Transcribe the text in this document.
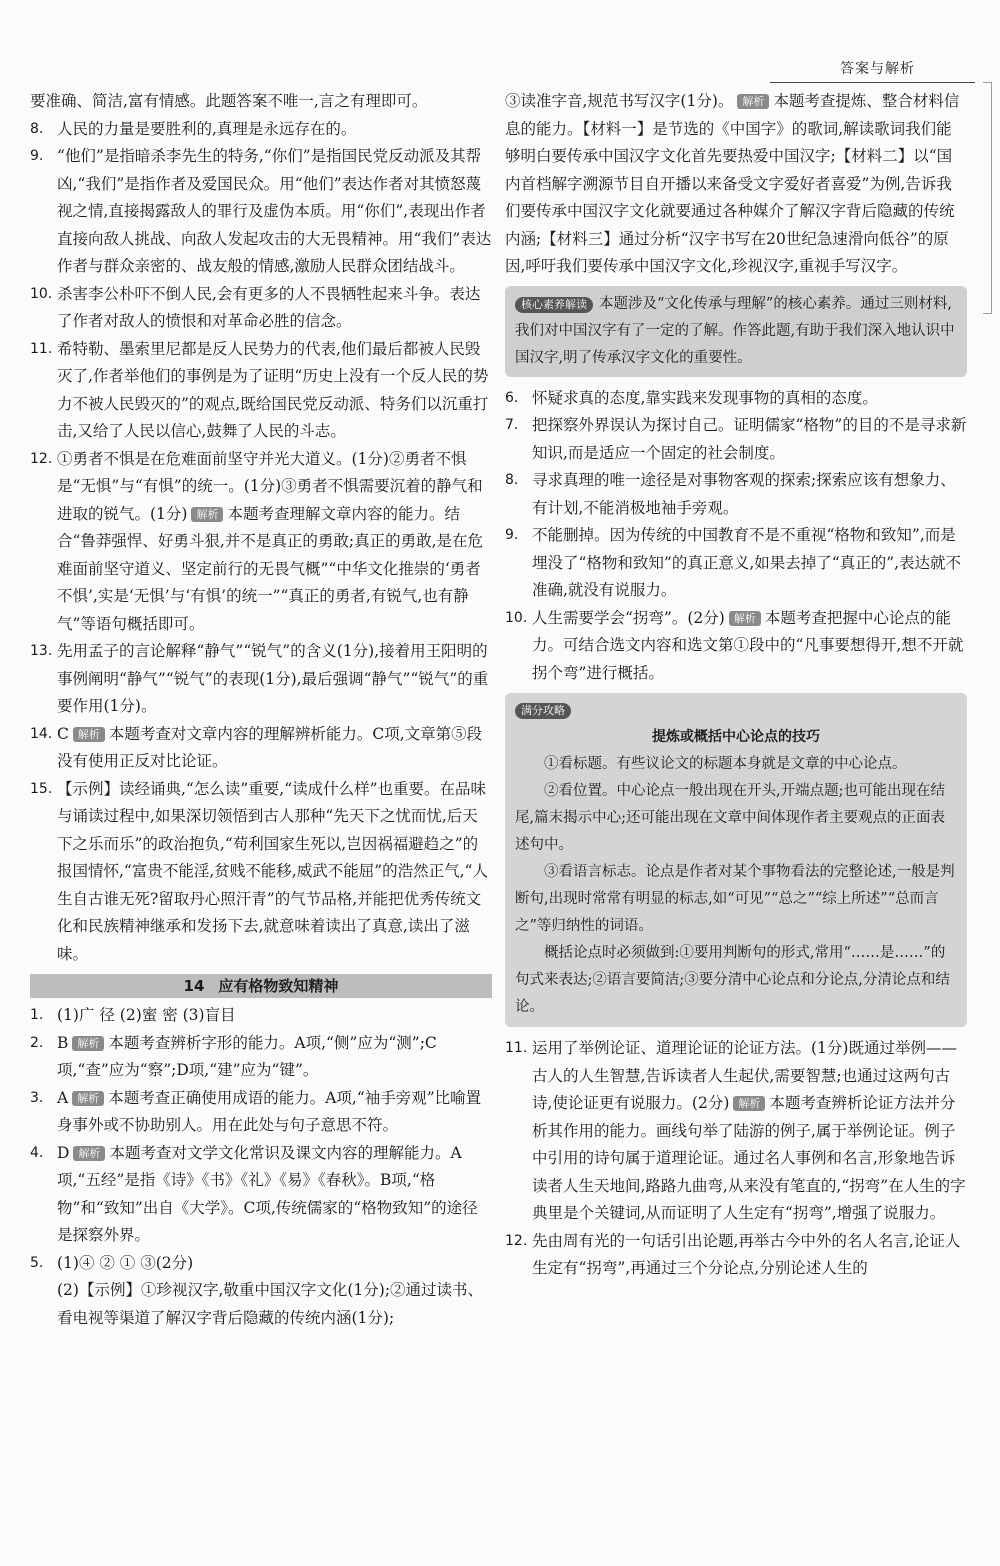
答案与解析
要准确、简洁,富有情感。此题答案不唯一,言之有理即可。
8. 人民的力量是要胜利的,真理是永远存在的。
9. “他们”是指暗杀李先生的特务,“你们”是指国民党反动派及其帮凶,“我们”是指作者及爱国民众。用“他们”表达作者对其愤怒蔑视之情,直接揭露敌人的罪行及虚伪本质。用“你们”,表现出作者直接向敌人挑战、向敌人发起攻击的大无畏精神。用“我们”表达作者与群众亲密的、战友般的情感,激励人民群众团结战斗。
10. 杀害李公朴吓不倒人民,会有更多的人不畏牺牲起来斗争。表达了作者对敌人的愤恨和对革命必胜的信念。
11. 希特勒、墨索里尼都是反人民势力的代表,他们最后都被人民毁灭了,作者举他们的事例是为了证明“历史上没有一个反人民的势力不被人民毁灭的”的观点,既给国民党反动派、特务们以沉重打击,又给了人民以信心,鼓舞了人民的斗志。
12. ①勇者不惧是在危难面前坚守并光大道义。(1分)②勇者不惧是“无惧”与“有惧”的统一。(1分)③勇者不惧需要沉着的静气和进取的锐气。(1分) 解析 本题考查理解文章内容的能力。结合“鲁莽强悍、好勇斗狠,并不是真正的勇敢;真正的勇敢,是在危难面前坚守道义、坚定前行的无畏气概”“中华文化推崇的‘勇者不惧’,实是‘无惧’与‘有惧’的统一”“真正的勇者,有锐气,也有静气”等语句概括即可。
13. 先用孟子的言论解释“静气”“锐气”的含义(1分),接着用王阳明的事例阐明“静气”“锐气”的表现(1分),最后强调“静气”“锐气”的重要作用(1分)。
14. C 解析 本题考查对文章内容的理解辨析能力。C项,文章第⑤段没有使用正反对比论证。
15. 【示例】读经诵典,“怎么读”重要,“读成什么样”也重要。在品味与诵读过程中,如果深切领悟到古人那种“先天下之忧而忧,后天下之乐而乐”的政治抱负,“苟利国家生死以,岂因祸福避趋之”的报国情怀,“富贵不能淫,贫贱不能移,威武不能屈”的浩然正气,“人生自古谁无死?留取丹心照汗青”的气节品格,并能把优秀传统文化和民族精神继承和发扬下去,就意味着读出了真意,读出了滋味。
14 应有格物致知精神
1. (1)广 径 (2)蜜 密 (3)盲目
2. B 解析 本题考查辨析字形的能力。A项,“侧”应为“测”;C项,“查”应为“察”;D项,“建”应为“键”。
3. A 解析 本题考查正确使用成语的能力。A项,“袖手旁观”比喻置身事外或不协助别人。用在此处与句子意思不符。
4. D 解析 本题考查对文学文化常识及课文内容的理解能力。A项,“五经”是指《诗》《书》《礼》《易》《春秋》。B项,“格物”和“致知”出自《大学》。C项,传统儒家的“格物致知”的途径是探察外界。
5. (1)④ ② ① ③(2分)
(2)【示例】①珍视汉字,敬重中国汉字文化(1分);②通过读书、看电视等渠道了解汉字背后隐藏的传统内涵(1分);
③读准字音,规范书写汉字(1分)。 解析 本题考查提炼、整合材料信息的能力。【材料一】是节选的《中国字》的歌词,解读歌词我们能够明白要传承中国汉字文化首先要热爱中国汉字;【材料二】以“国内首档解字溯源节目自开播以来备受文字爱好者喜爱”为例,告诉我们要传承中国汉字文化就要通过各种媒介了解汉字背后隐藏的传统内涵;【材料三】通过分析“汉字书写在20世纪急速滑向低谷”的原因,呼吁我们要传承中国汉字文化,珍视汉字,重视手写汉字。
核心素养解读 本题涉及“文化传承与理解”的核心素养。通过三则材料,我们对中国汉字有了一定的了解。作答此题,有助于我们深入地认识中国汉字,明了传承汉字文化的重要性。
6. 怀疑求真的态度,靠实践来发现事物的真相的态度。
7. 把探察外界误认为探讨自己。证明儒家“格物”的目的不是寻求新知识,而是适应一个固定的社会制度。
8. 寻求真理的唯一途径是对事物客观的探索;探索应该有想象力、有计划,不能消极地袖手旁观。
9. 不能删掉。因为传统的中国教育不是不重视“格物和致知”,而是埋没了“格物和致知”的真正意义,如果去掉了“真正的”,表达就不准确,就没有说服力。
10. 人生需要学会“拐弯”。(2分) 解析 本题考查把握中心论点的能力。可结合选文内容和选文第①段中的“凡事要想得开,想不开就拐个弯”进行概括。
满分攻略
提炼或概括中心论点的技巧
①看标题。有些议论文的标题本身就是文章的中心论点。
②看位置。中心论点一般出现在开头,开端点题;也可能出现在结尾,篇末揭示中心;还可能出现在文章中间体现作者主要观点的正面表述句中。
③看语言标志。论点是作者对某个事物看法的完整论述,一般是判断句,出现时常常有明显的标志,如“可见”“总之”“综上所述”“总而言之”等归纳性的词语。
概括论点时必须做到:①要用判断句的形式,常用“……是……”的句式来表达;②语言要简洁;③要分清中心论点和分论点,分清论点和结论。
11. 运用了举例论证、道理论证的论证方法。(1分)既通过举例——古人的人生智慧,告诉读者人生起伏,需要智慧;也通过这两句古诗,使论证更有说服力。(2分) 解析 本题考查辨析论证方法并分析其作用的能力。画线句举了陆游的例子,属于举例论证。例子中引用的诗句属于道理论证。通过名人事例和名言,形象地告诉读者人生天地间,路路九曲弯,从来没有笔直的,“拐弯”在人生的字典里是个关键词,从而证明了人生定有“拐弯”,增强了说服力。
12. 先由周有光的一句话引出论题,再举古今中外的名人名言,论证人生定有“拐弯”,再通过三个分论点,分别论述人生的
